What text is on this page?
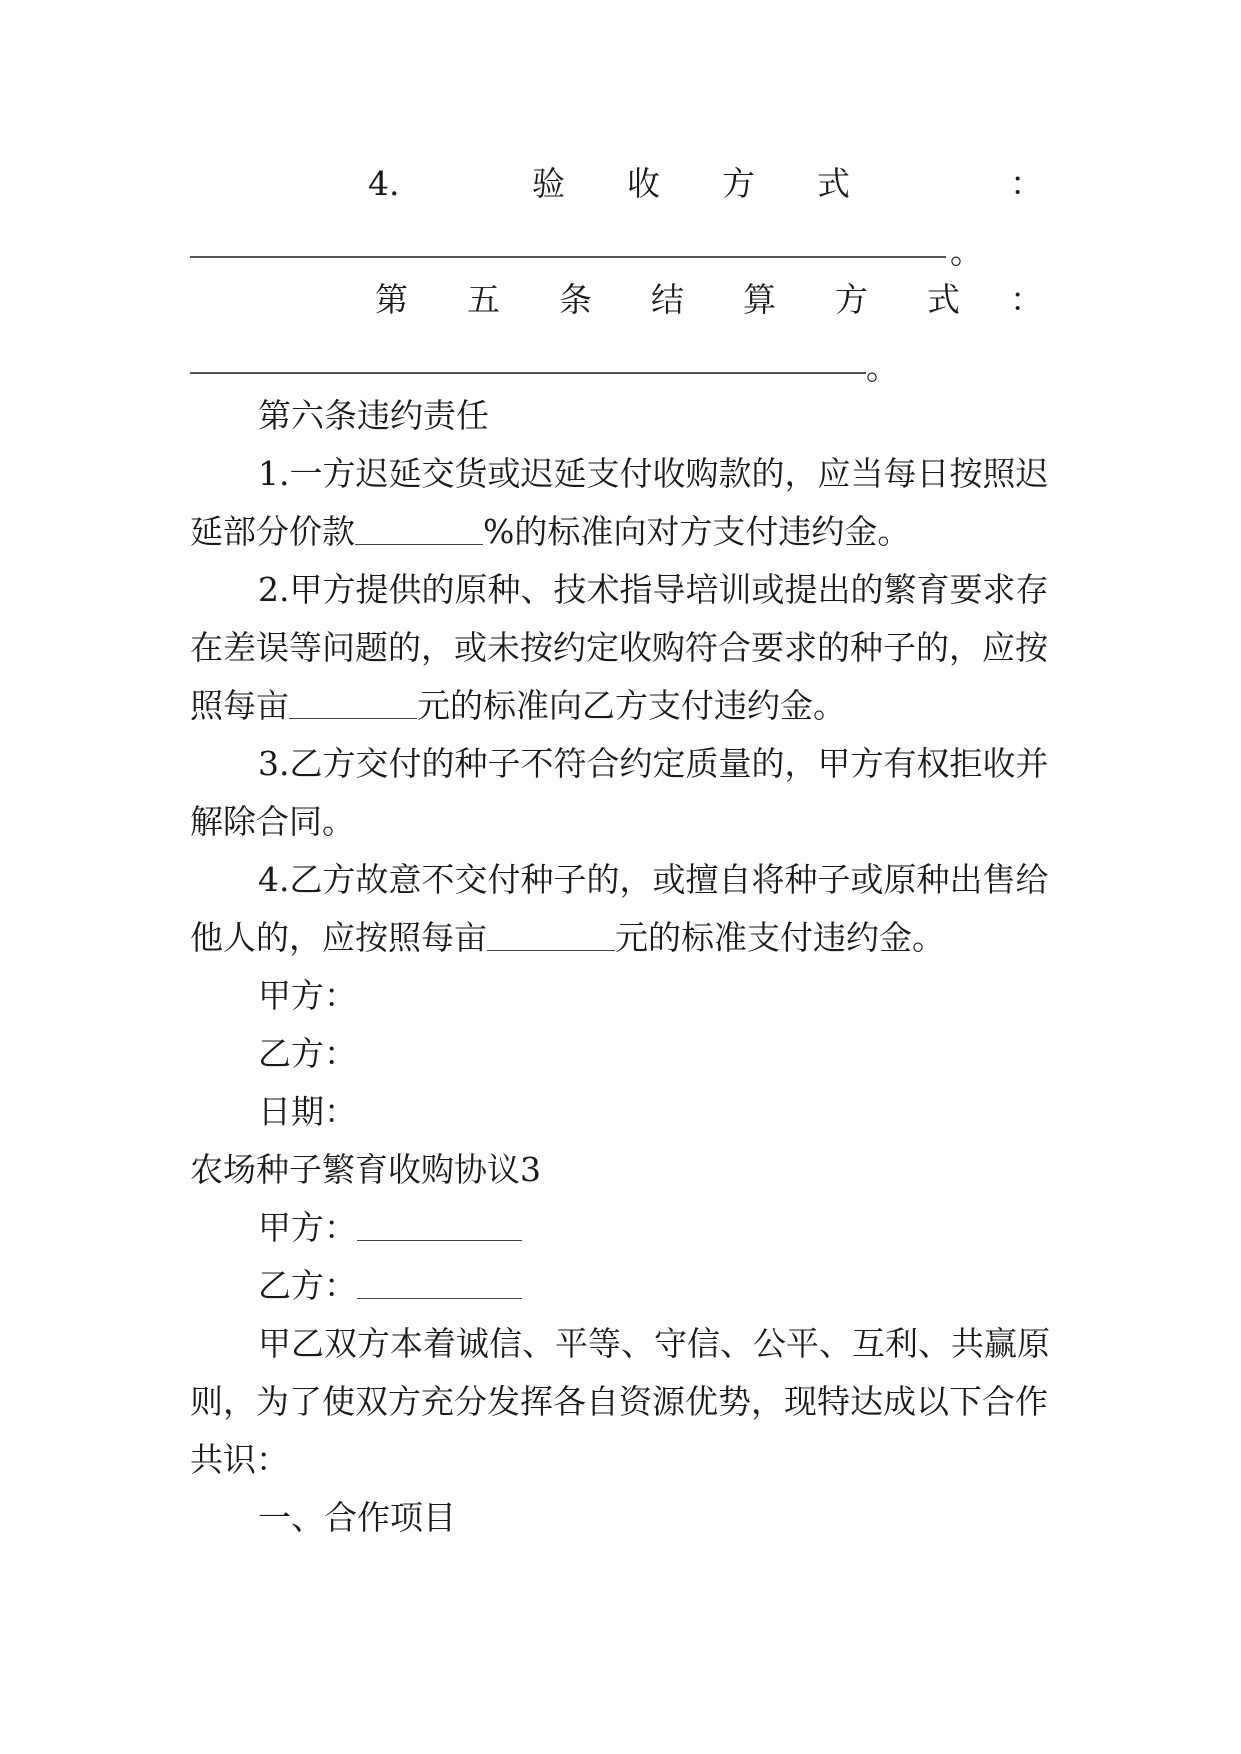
4.	验 收 方 式	：
。
第 五 条 结 算 方 式 ：
。
第六条违约责任
1.一方迟延交货或迟延支付收购款的，应当每日按照迟
延部分价款	%的标准向对方支付违约金。
2.甲方提供的原种、技术指导培训或提出的繁育要求存
在差误等问题的，或未按约定收购符合要求的种子的，应按
照每亩	元的标准向乙方支付违约金。
3.乙方交付的种子不符合约定质量的，甲方有权拒收并
解除合同。
4.乙方故意不交付种子的，或擅自将种子或原种出售给
他人的，应按照每亩	元的标准支付违约金。
甲方：
乙方：
日期：
农场种子繁育收购协议3
甲方：
乙方：
甲乙双方本着诚信、平等、守信、公平、互利、共赢原
则，为了使双方充分发挥各自资源优势，现特达成以下合作
共识：
一、合作项目
